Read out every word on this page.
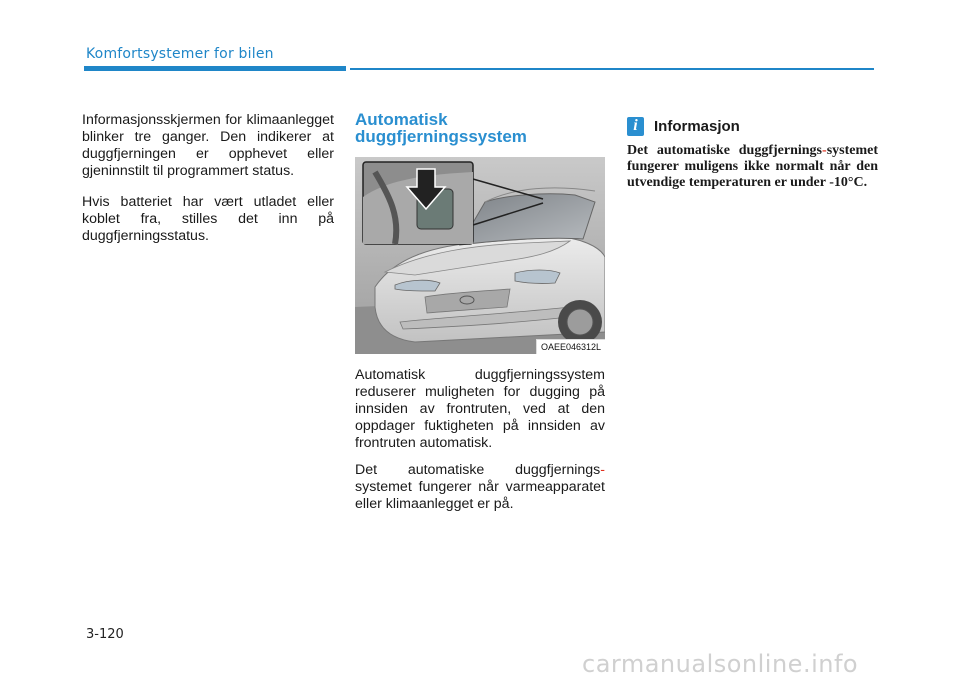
Komfortsystemer for bilen

Informasjonsskjermen for klimaanlegget blinker tre ganger. Den indikerer at duggfjerningen er opphevet eller gjeninnstilt til programmert status.

Hvis batteriet har vært utladet eller koblet fra, stilles det inn på duggfjerningsstatus.

Automatisk
duggfjerningssystem
OAEE046312L

Automatisk duggfjerningssystem reduserer muligheten for dugging på innsiden av frontruten, ved at den oppdager fuktigheten på innsiden av frontruten automatisk.

Det automatiske duggfjernings-systemet fungerer når varmeapparatet eller klimaanlegget er på.

i	Informasjon

Det automatiske duggfjernings-systemet fungerer muligens ikke normalt når den utvendige temperaturen er under -10°C.

3-120
carmanualsonline.info
